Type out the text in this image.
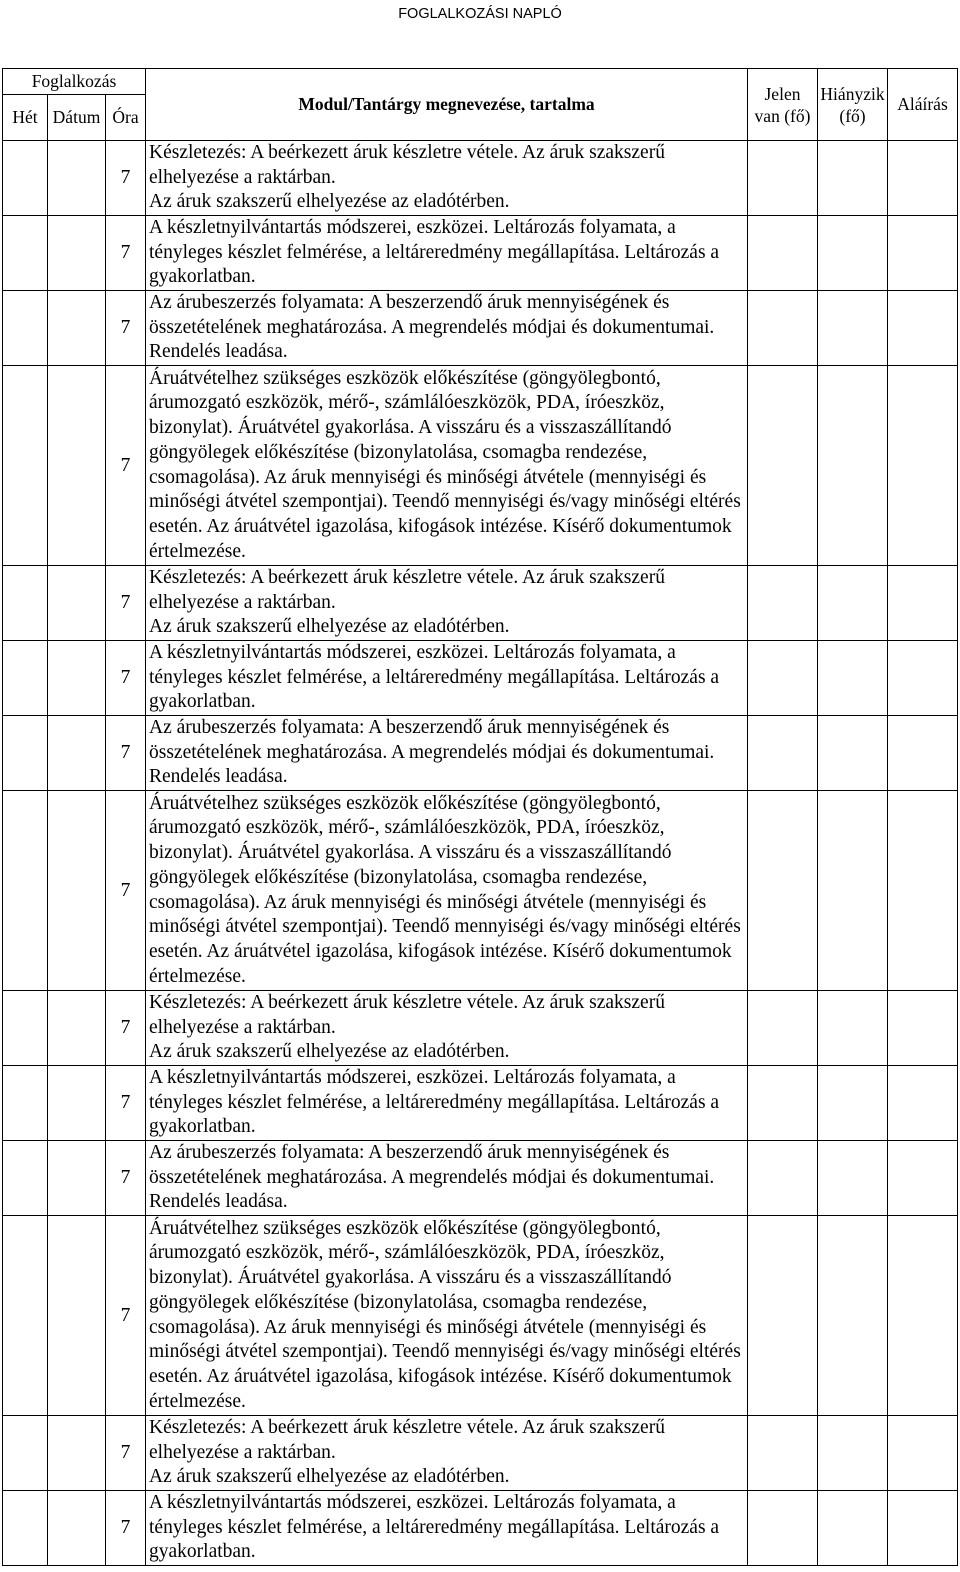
FOGLALKOZÁSI NAPLÓ
Foglalkozás
Hét Dátum Óra
Modul/Tantárgy megnevezése, tartalma
Jelen
van (fő)
Hiányzik
(fő)
Aláírás
7
Készletezés: A beérkezett áruk készletre vétele. Az áruk szakszerű
elhelyezése a raktárban.
Az áruk szakszerű elhelyezése az eladótérben.
7
A készletnyilvántartás módszerei, eszközei. Leltározás folyamata, a
tényleges készlet felmérése, a leltáreredmény megállapítása. Leltározás a
gyakorlatban.
7
Az árubeszerzés folyamata: A beszerzendő áruk mennyiségének és
összetételének meghatározása. A megrendelés módjai és dokumentumai.
Rendelés leadása.
7
Áruátvételhez szükséges eszközök előkészítése (göngyölegbontó,
árumozgató eszközök, mérő-, számlálóeszközök, PDA, íróeszköz,
bizonylat). Áruátvétel gyakorlása. A visszáru és a visszaszállítandó
göngyölegek előkészítése (bizonylatolása, csomagba rendezése,
csomagolása). Az áruk mennyiségi és minőségi átvétele (mennyiségi és
minőségi átvétel szempontjai). Teendő mennyiségi és/vagy minőségi eltérés
esetén. Az áruátvétel igazolása, kifogások intézése. Kísérő dokumentumok
értelmezése.
7
Készletezés: A beérkezett áruk készletre vétele. Az áruk szakszerű
elhelyezése a raktárban.
Az áruk szakszerű elhelyezése az eladótérben.
7
A készletnyilvántartás módszerei, eszközei. Leltározás folyamata, a
tényleges készlet felmérése, a leltáreredmény megállapítása. Leltározás a
gyakorlatban.
7
Az árubeszerzés folyamata: A beszerzendő áruk mennyiségének és
összetételének meghatározása. A megrendelés módjai és dokumentumai.
Rendelés leadása.
7
Áruátvételhez szükséges eszközök előkészítése (göngyölegbontó,
árumozgató eszközök, mérő-, számlálóeszközök, PDA, íróeszköz,
bizonylat). Áruátvétel gyakorlása. A visszáru és a visszaszállítandó
göngyölegek előkészítése (bizonylatolása, csomagba rendezése,
csomagolása). Az áruk mennyiségi és minőségi átvétele (mennyiségi és
minőségi átvétel szempontjai). Teendő mennyiségi és/vagy minőségi eltérés
esetén. Az áruátvétel igazolása, kifogások intézése. Kísérő dokumentumok
értelmezése.
7
Készletezés: A beérkezett áruk készletre vétele. Az áruk szakszerű
elhelyezése a raktárban.
Az áruk szakszerű elhelyezése az eladótérben.
7
A készletnyilvántartás módszerei, eszközei. Leltározás folyamata, a
tényleges készlet felmérése, a leltáreredmény megállapítása. Leltározás a
gyakorlatban.
7
Az árubeszerzés folyamata: A beszerzendő áruk mennyiségének és
összetételének meghatározása. A megrendelés módjai és dokumentumai.
Rendelés leadása.
7
Áruátvételhez szükséges eszközök előkészítése (göngyölegbontó,
árumozgató eszközök, mérő-, számlálóeszközök, PDA, íróeszköz,
bizonylat). Áruátvétel gyakorlása. A visszáru és a visszaszállítandó
göngyölegek előkészítése (bizonylatolása, csomagba rendezése,
csomagolása). Az áruk mennyiségi és minőségi átvétele (mennyiségi és
minőségi átvétel szempontjai). Teendő mennyiségi és/vagy minőségi eltérés
esetén. Az áruátvétel igazolása, kifogások intézése. Kísérő dokumentumok
értelmezése.
7
Készletezés: A beérkezett áruk készletre vétele. Az áruk szakszerű
elhelyezése a raktárban.
Az áruk szakszerű elhelyezése az eladótérben.
7
A készletnyilvántartás módszerei, eszközei. Leltározás folyamata, a
tényleges készlet felmérése, a leltáreredmény megállapítása. Leltározás a
gyakorlatban.
